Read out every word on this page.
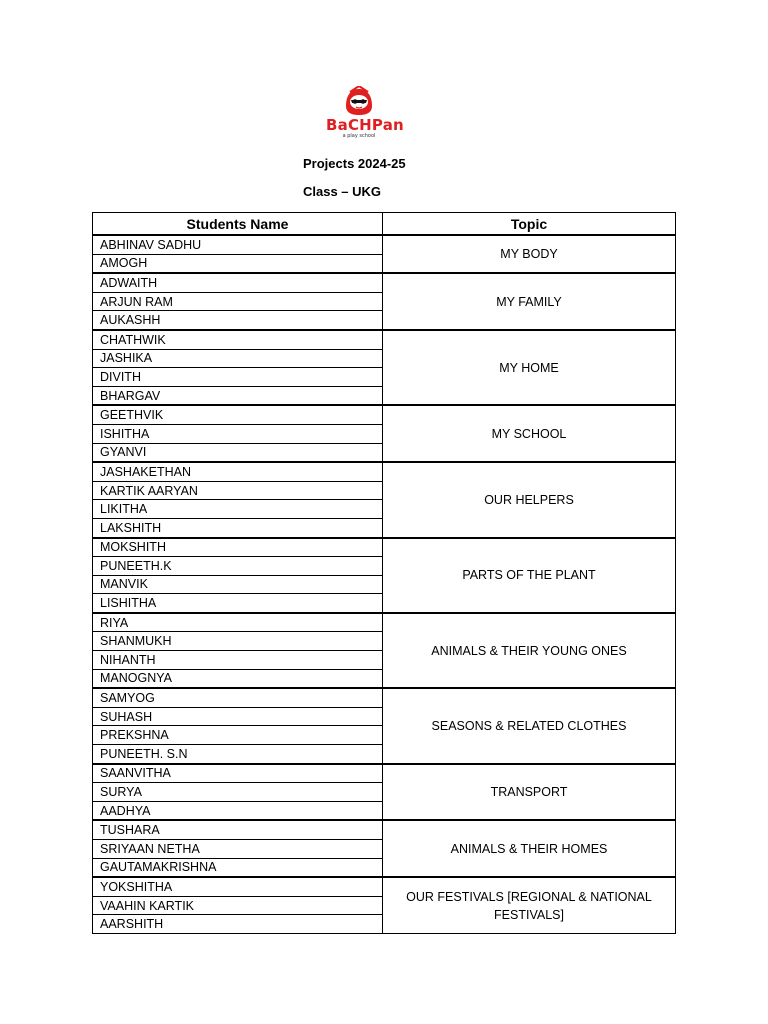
BaCHPan
a play school
Projects 2024-25
Class – UKG
Students Name	Topic
ABHINAV SADHU	MY BODY
AMOGH	
ADWAITH	MY FAMILY
ARJUN RAM	
AUKASHH	
CHATHWIK	MY HOME
JASHIKA	
DIVITH	
BHARGAV	
GEETHVIK	MY SCHOOL
ISHITHA	
GYANVI	
JASHAKETHAN	OUR HELPERS
KARTIK AARYAN	
LIKITHA	
LAKSHITH	
MOKSHITH	PARTS OF THE PLANT
PUNEETH.K	
MANVIK	
LISHITHA	
RIYA	ANIMALS & THEIR YOUNG ONES
SHANMUKH	
NIHANTH	
MANOGNYA	
SAMYOG	SEASONS & RELATED CLOTHES
SUHASH	
PREKSHNA	
PUNEETH. S.N	
SAANVITHA	TRANSPORT
SURYA	
AADHYA	
TUSHARA	ANIMALS & THEIR HOMES
SRIYAAN NETHA	
GAUTAMAKRISHNA	
YOKSHITHA	OUR FESTIVALS [REGIONAL & NATIONAL FESTIVALS]
VAAHIN KARTIK	
AARSHITH	
